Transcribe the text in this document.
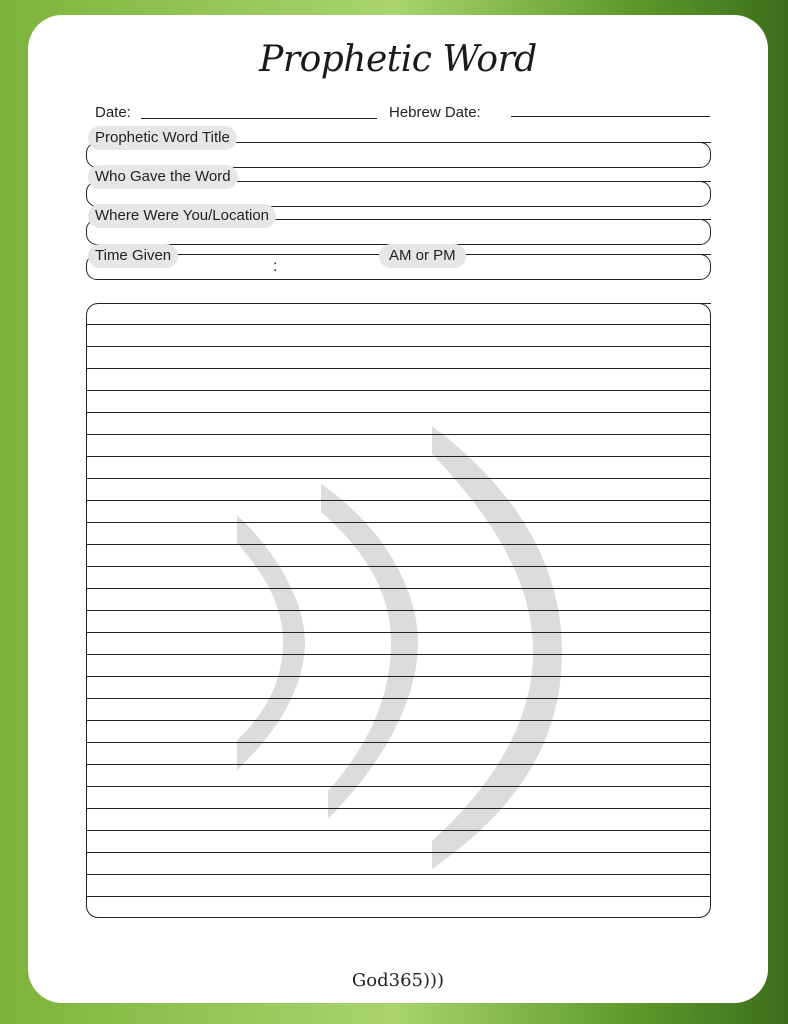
Prophetic Word
Date:	Hebrew Date:
Prophetic Word Title
Who Gave the Word
Where Were You/Location
Time Given
:
AM or PM
God365)))
